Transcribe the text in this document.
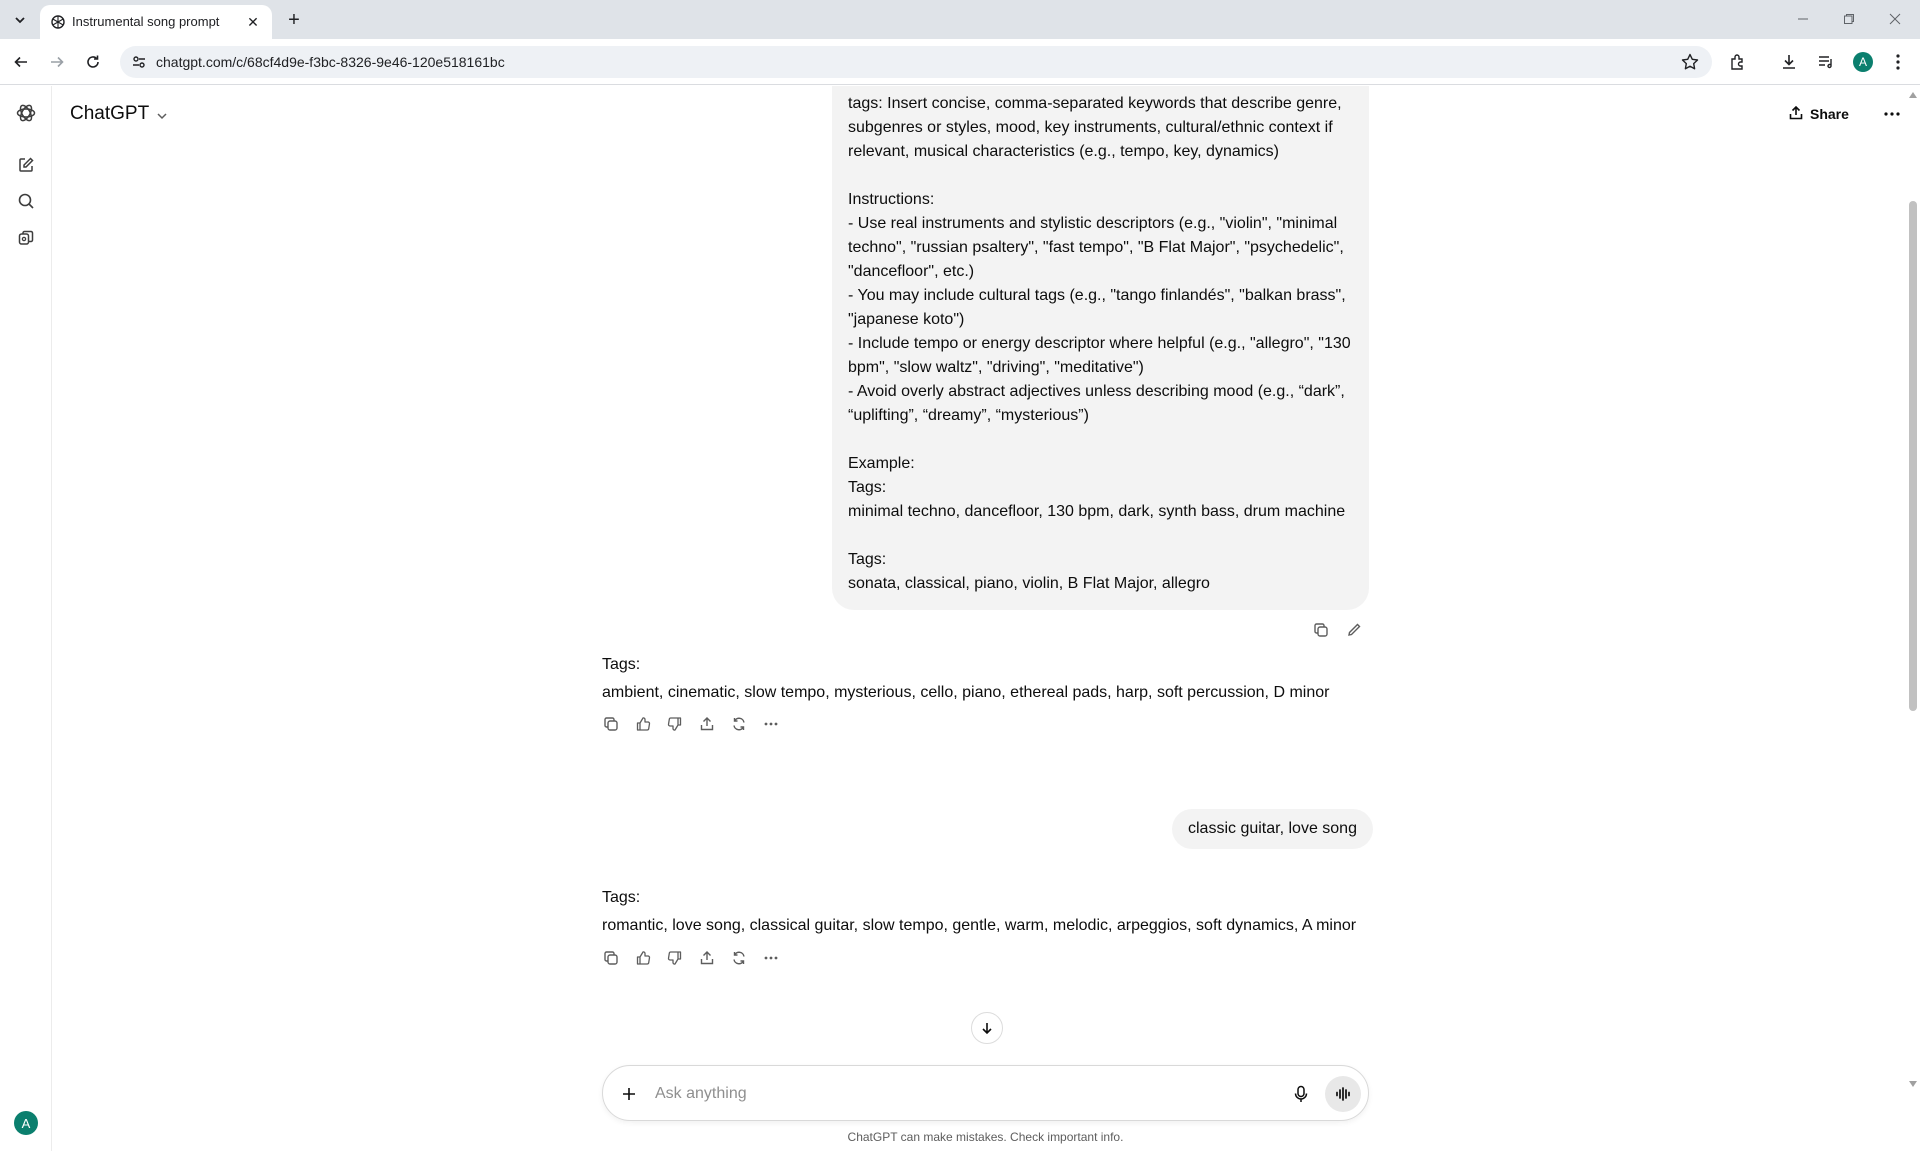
Instrumental song prompt ✕	+
chatgpt.com/c/68cf4d9e-f3bc-8326-9e46-120e518161bc	A
A
ChatGPT	Share

tags: Insert concise, comma-separated keywords that describe genre, subgenres or styles, mood, key instruments, cultural/ethnic context if relevant, musical characteristics (e.g., tempo, key, dynamics)

Instructions:

- Use real instruments and stylistic descriptors (e.g., "violin", "minimal techno", "russian psaltery", "fast tempo", "B Flat Major", "psychedelic", "dancefloor", etc.)

- You may include cultural tags (e.g., "tango finlandés", "balkan brass", "japanese koto")

- Include tempo or energy descriptor where helpful (e.g., "allegro", "130 bpm", "slow waltz", "driving", "meditative")

- Avoid overly abstract adjectives unless describing mood (e.g., “dark”, “uplifting”, “dreamy”, “mysterious”)

Example:

Tags:

minimal techno, dancefloor, 130 bpm, dark, synth bass, drum machine

Tags:

sonata, classical, piano, violin, B Flat Major, allegro

Tags:
ambient, cinematic, slow tempo, mysterious, cello, piano, ethereal pads, harp, soft percussion, D minor
classic guitar, love song
Tags:
romantic, love song, classical guitar, slow tempo, gentle, warm, melodic, arpeggios, soft dynamics, A minor
Ask anything
ChatGPT can make mistakes. Check important info.
